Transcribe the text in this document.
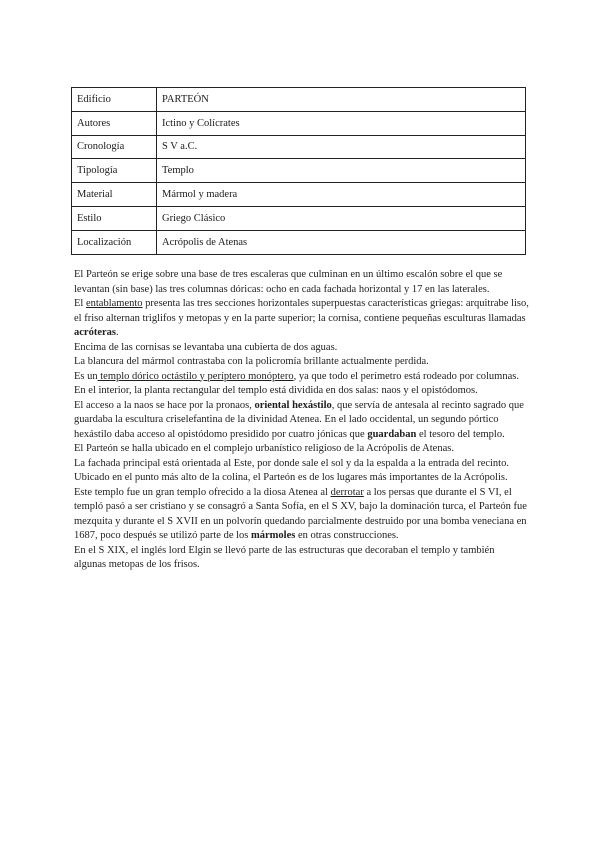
Edificio	PARTEÓN
Autores	Ictino y Colícrates
Cronología	S V a.C.
Tipología	Templo
Material	Mármol y madera
Estilo	Griego Clásico
Localización	Acrópolis de Atenas

El Parteón se erige sobre una base de tres escaleras que culminan en un último escalón sobre el que se levantan (sin base) las tres columnas dóricas: ocho en cada fachada horizontal y 17 en las laterales.

El entablamento presenta las tres secciones horizontales superpuestas características griegas: arquitrabe liso, el friso alternan triglifos y metopas y en la parte superior; la cornisa, contiene pequeñas esculturas llamadas acróteras.

Encima de las cornisas se levantaba una cubierta de dos aguas.

La blancura del mármol contrastaba con la policromía brillante actualmente perdida.

Es un templo dórico octástilo y períptero monóptero, ya que todo el perímetro está rodeado por columnas.

En el interior, la planta rectangular del templo está dividida en dos salas: naos y el opistódomos.

El acceso a la naos se hace por la pronaos, oriental hexástilo, que servía de antesala al recinto sagrado que guardaba la escultura criselefantina de la divinidad Atenea. En el lado occidental, un segundo pórtico hexástilo daba acceso al opistódomo presidido por cuatro jónicas que guardaban el tesoro del templo.

El Parteón se halla ubicado en el complejo urbanístico religioso de la Acrópolis de Atenas.

La fachada principal está orientada al Este, por donde sale el sol y da la espalda a la entrada del recinto.

Ubicado en el punto más alto de la colina, el Parteón es de los lugares más importantes de la Acrópolis.

Este templo fue un gran templo ofrecido a la diosa Atenea al derrotar a los persas que durante el S VI, el templó pasó a ser cristiano y se consagró a Santa Sofía, en el S XV, bajo la dominación turca, el Parteón fue mezquita y durante el S XVII en un polvorín quedando parcialmente destruido por una bomba veneciana en 1687, poco después se utilizó parte de los mármoles en otras construcciones.

En el S XIX, el inglés lord Elgin se llevó parte de las estructuras que decoraban el templo y también algunas metopas de los frisos.
